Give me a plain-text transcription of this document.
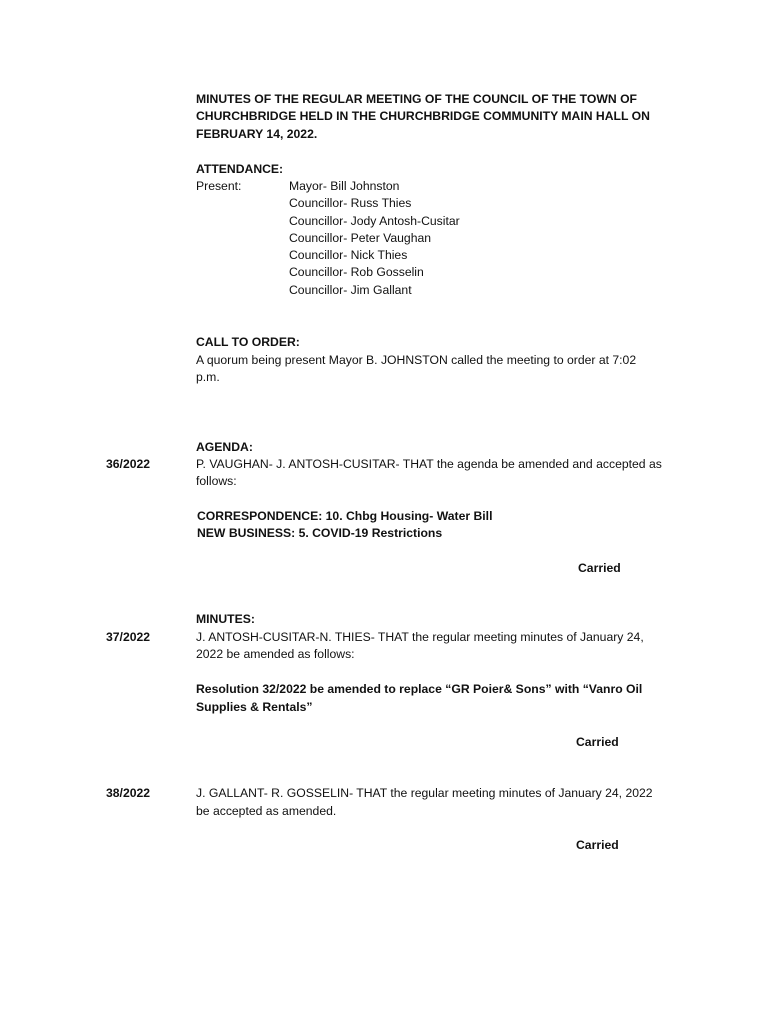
MINUTES OF THE REGULAR MEETING OF THE COUNCIL OF THE TOWN OF
CHURCHBRIDGE HELD IN THE CHURCHBRIDGE COMMUNITY MAIN HALL ON
FEBRUARY 14, 2022.
ATTENDANCE:
Present:	Mayor- Bill Johnston
Councillor- Russ Thies
Councillor- Jody Antosh-Cusitar
Councillor- Peter Vaughan
Councillor- Nick Thies
Councillor- Rob Gosselin
Councillor- Jim Gallant
CALL TO ORDER:
A quorum being present Mayor B. JOHNSTON called the meeting to order at 7:02
p.m.
AGENDA:
36/2022	P. VAUGHAN- J. ANTOSH-CUSITAR- THAT the agenda be amended and accepted as
follows:
CORRESPONDENCE: 10. Chbg Housing- Water Bill
NEW BUSINESS: 5. COVID-19 Restrictions
Carried
MINUTES:
37/2022	J. ANTOSH-CUSITAR-N. THIES- THAT the regular meeting minutes of January 24,
2022 be amended as follows:
Resolution 32/2022 be amended to replace “GR Poier& Sons” with “Vanro Oil
Supplies & Rentals”
Carried
38/2022	J. GALLANT- R. GOSSELIN- THAT the regular meeting minutes of January 24, 2022
be accepted as amended.
Carried
